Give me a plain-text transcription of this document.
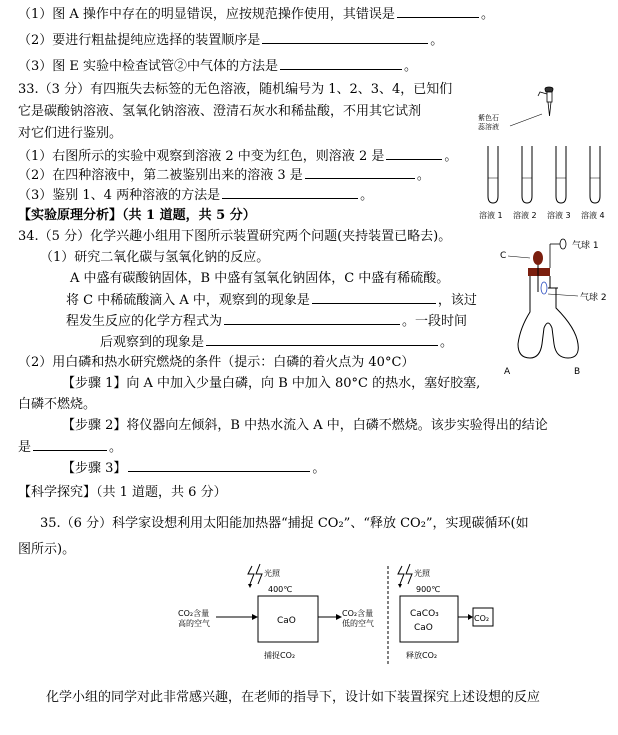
（1）图 A 操作中存在的明显错误，应按规范操作使用，其错误是	。
（2）要进行粗盐提纯应选择的装置顺序是	。
（3）图 E 实验中检查试管②中气体的方法是	。
33.（3 分）有四瓶失去标签的无色溶液，随机编号为 1、2、3、4，已知们
它是碳酸钠溶液、氢氧化钠溶液、澄清石灰水和稀盐酸，不用其它试剂
对它们进行鉴别。
（1）右图所示的实验中观察到溶液 2 中变为红色，则溶液 2 是	。
（2）在四种溶液中，第二被鉴别出来的溶液 3 是	。
（3）鉴别 1、4 两种溶液的方法是	。
紫色石
蕊溶液
溶液 1 溶液 2 溶液 3 溶液 4
【实验原理分析】（共 1 道题，共 5 分）
34.（5 分）化学兴趣小组用下图所示装置研究两个问题(夹持装置已略去)。
（1）研究二氧化碳与氢氧化钠的反应。
A 中盛有碳酸钠固体，B 中盛有氢氧化钠固体，C 中盛有稀硫酸。
将 C 中稀硫酸滴入 A 中，观察到的现象是	，该过
程发生反应的化学方程式为	。一段时间
后观察到的现象是	。
（2）用白磷和热水研究燃烧的条件（提示：白磷的着火点为 40°C）
【步骤 1】向 A 中加入少量白磷，向 B 中加入 80°C 的热水，塞好胶塞,
白磷不燃烧。
【步骤 2】将仪器向左倾斜，B 中热水流入 A 中，白磷不燃烧。该步实验得出的结论
是	。
【步骤 3】	。
C
气球 1
气球 2
A	B
【科学探究】（共 1 道题，共 6 分）
35.（6 分）科学家设想利用太阳能加热器“捕捉 CO₂”、“释放 CO₂”，实现碳循环(如
图所示)。
光照
400℃
光照
900℃
CO₂含量
高的空气	CaO
捕捉CO₂
CO₂含量
低的空气
CaCO₃
CaO
释放CO₂
CO₂
化学小组的同学对此非常感兴趣，在老师的指导下，设计如下装置探究上述设想的反应
